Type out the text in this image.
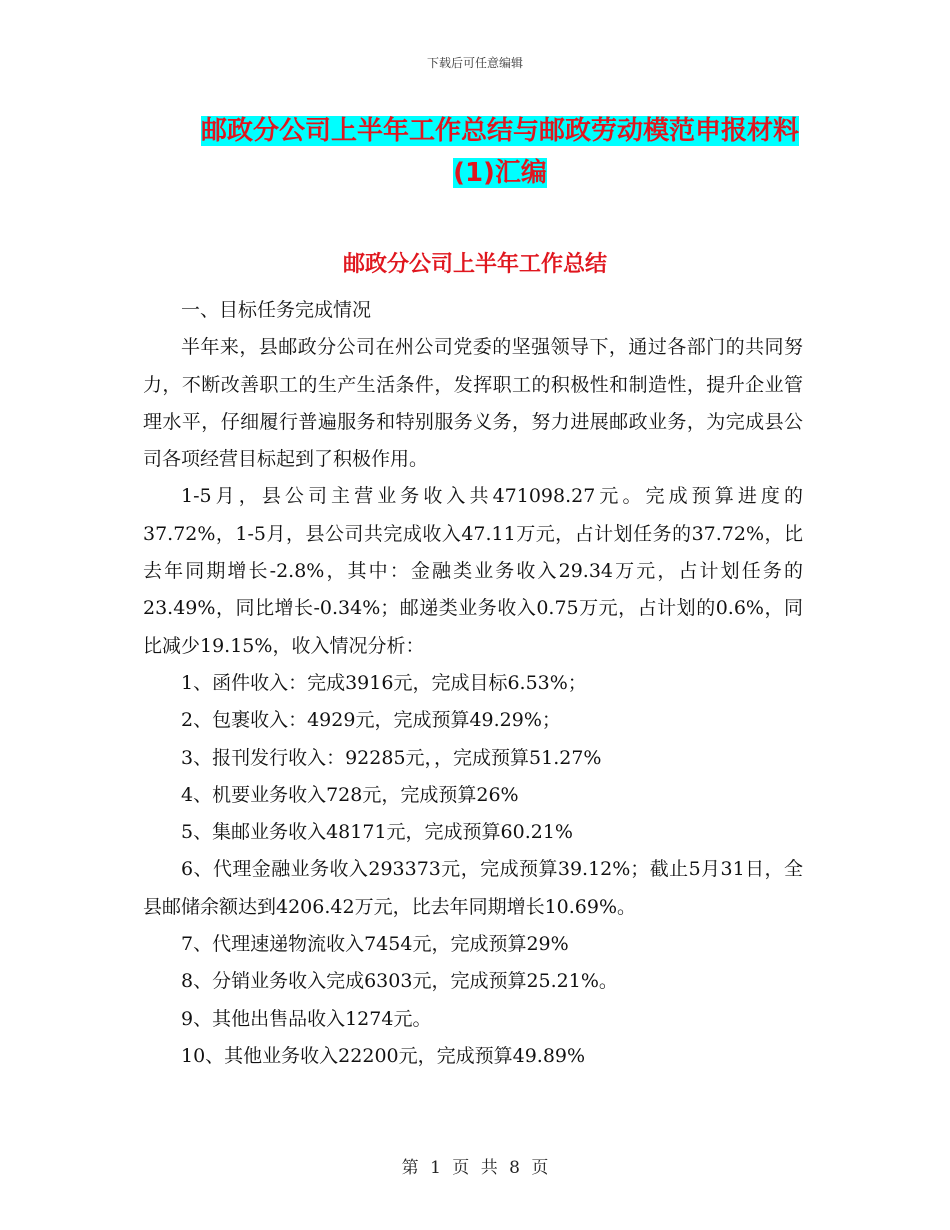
下载后可任意编辑
邮政分公司上半年工作总结与邮政劳动模范申报材料
(1)汇编
邮政分公司上半年工作总结

一、目标任务完成情况

半年来，县邮政分公司在州公司党委的坚强领导下，通过各部门的共同努力，不断改善职工的生产生活条件，发挥职工的积极性和制造性，提升企业管理水平，仔细履行普遍服务和特别服务义务，努力进展邮政业务，为完成县公司各项经营目标起到了积极作用。

1-5月，县公司主营业务收入共471098.27元。完成预算进度的37.72%，1-5月，县公司共完成收入47.11万元，占计划任务的37.72%，比去年同期增长-2.8%，其中：金融类业务收入29.34万元，占计划任务的23.49%，同比增长-0.34%；邮递类业务收入0.75万元，占计划的0.6%，同比减少19.15%，收入情况分析：

1、函件收入：完成3916元，完成目标6.53%；

2、包裹收入：4929元，完成预算49.29%；

3、报刊发行收入：92285元，，完成预算51.27%

4、机要业务收入728元，完成预算26%

5、集邮业务收入48171元，完成预算60.21%

6、代理金融业务收入293373元，完成预算39.12%；截止5月31日，全县邮储余额达到4206.42万元，比去年同期增长10.69%。

7、代理速递物流收入7454元，完成预算29%

8、分销业务收入完成6303元，完成预算25.21%。

9、其他出售品收入1274元。

10、其他业务收入22200元，完成预算49.89%

第 1 页 共 8 页
